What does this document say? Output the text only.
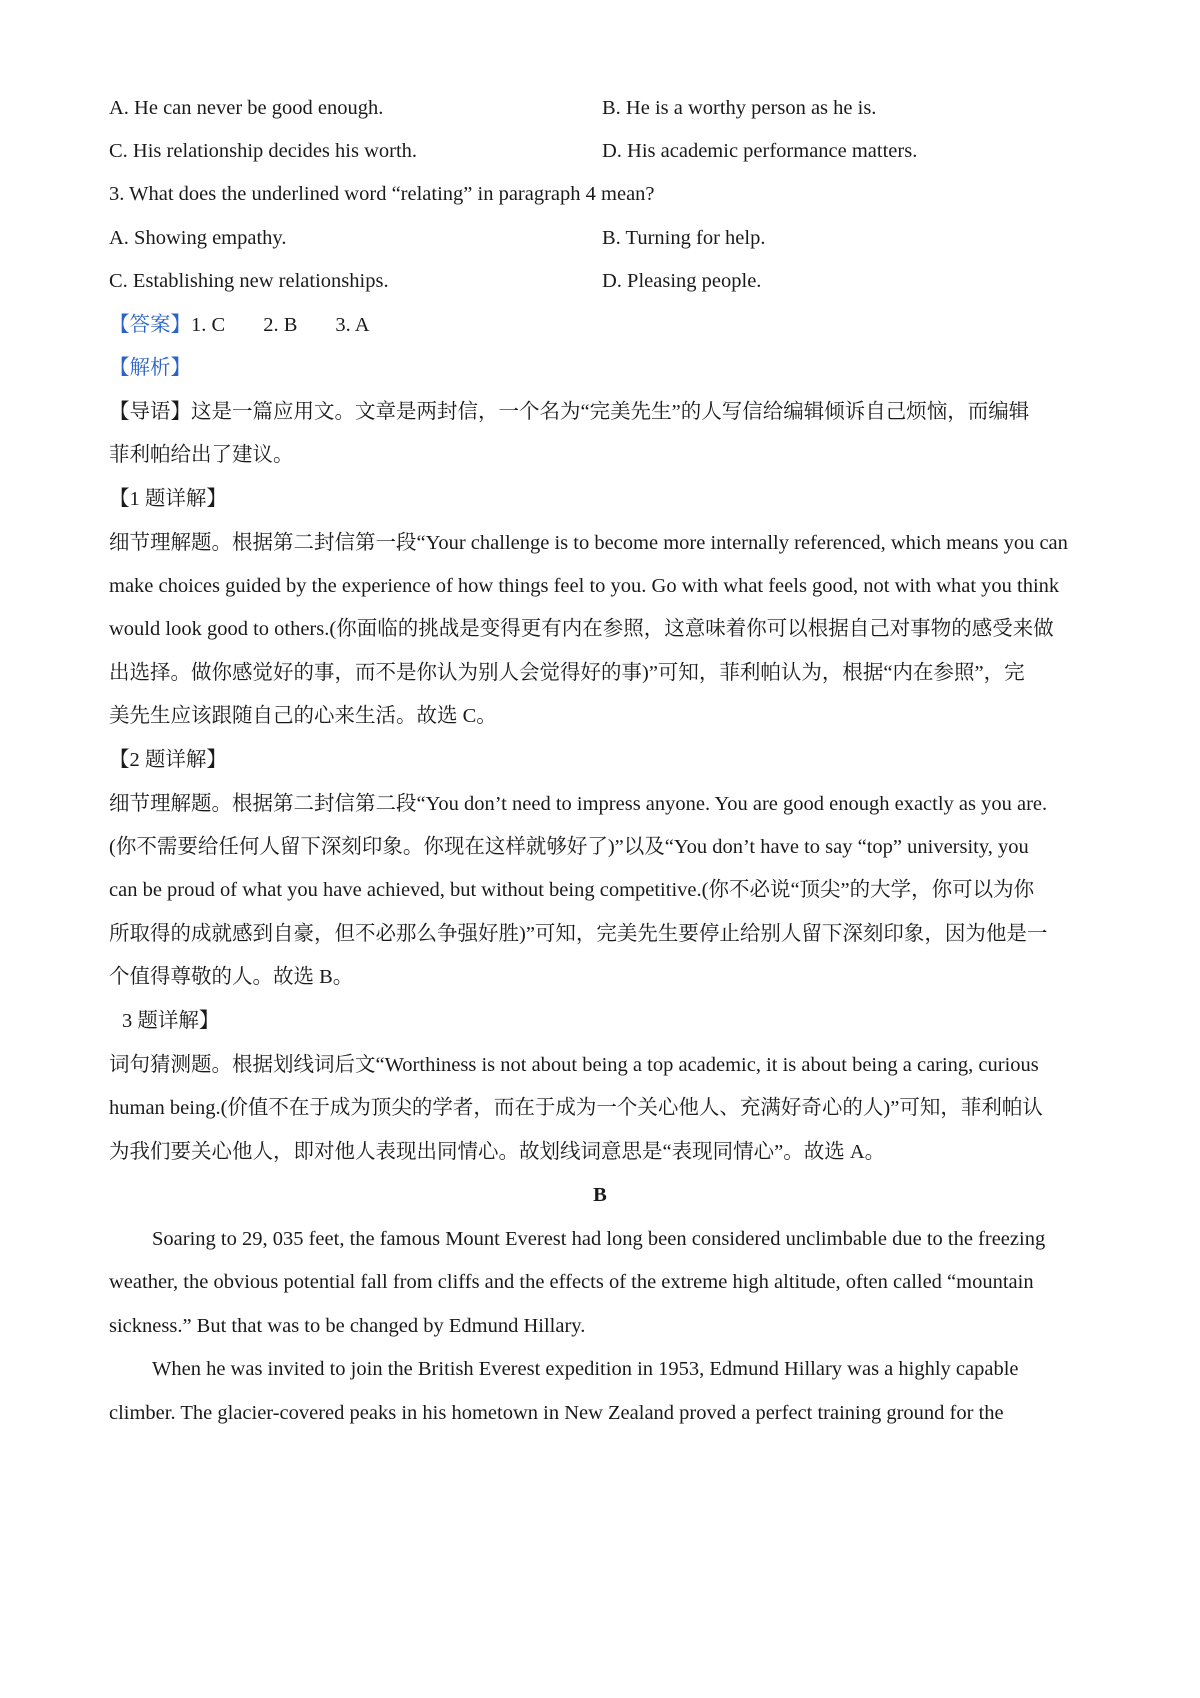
A. He can never be good enough.	B. He is a worthy person as he is.
C. His relationship decides his worth.	D. His academic performance matters.
3. What does the underlined word “relating” in paragraph 4 mean?
A. Showing empathy.	B. Turning for help.
C. Establishing new relationships.	D. Pleasing people.
【答案】1. C 2. B 3. A
【解析】
【导语】这是一篇应用文。文章是两封信，一个名为“完美先生”的人写信给编辑倾诉自己烦恼，而编辑
菲利帕给出了建议。
【1 题详解】
细节理解题。根据第二封信第一段“Your challenge is to become more internally referenced, which means you can
make choices guided by the experience of how things feel to you. Go with what feels good, not with what you think
would look good to others.(你面临的挑战是变得更有内在参照，这意味着你可以根据自己对事物的感受来做
出选择。做你感觉好的事，而不是你认为别人会觉得好的事)”可知，菲利帕认为，根据“内在参照”，完
美先生应该跟随自己的心来生活。故选 C。
【2 题详解】
细节理解题。根据第二封信第二段“You don’t need to impress anyone. You are good enough exactly as you are.
(你不需要给任何人留下深刻印象。你现在这样就够好了)”以及“You don’t have to say “top” university, you
can be proud of what you have achieved, but without being competitive.(你不必说“顶尖”的大学，你可以为你
所取得的成就感到自豪，但不必那么争强好胜)”可知，完美先生要停止给别人留下深刻印象，因为他是一
个值得尊敬的人。故选 B。
3 题详解】
词句猜测题。根据划线词后文“Worthiness is not about being a top academic, it is about being a caring, curious
human being.(价值不在于成为顶尖的学者，而在于成为一个关心他人、充满好奇心的人)”可知，菲利帕认
为我们要关心他人，即对他人表现出同情心。故划线词意思是“表现同情心”。故选 A。
B
Soaring to 29, 035 feet, the famous Mount Everest had long been considered unclimbable due to the freezing
weather, the obvious potential fall from cliffs and the effects of the extreme high altitude, often called “mountain
sickness.” But that was to be changed by Edmund Hillary.
When he was invited to join the British Everest expedition in 1953, Edmund Hillary was a highly capable
climber. The glacier-covered peaks in his hometown in New Zealand proved a perfect training ground for the
